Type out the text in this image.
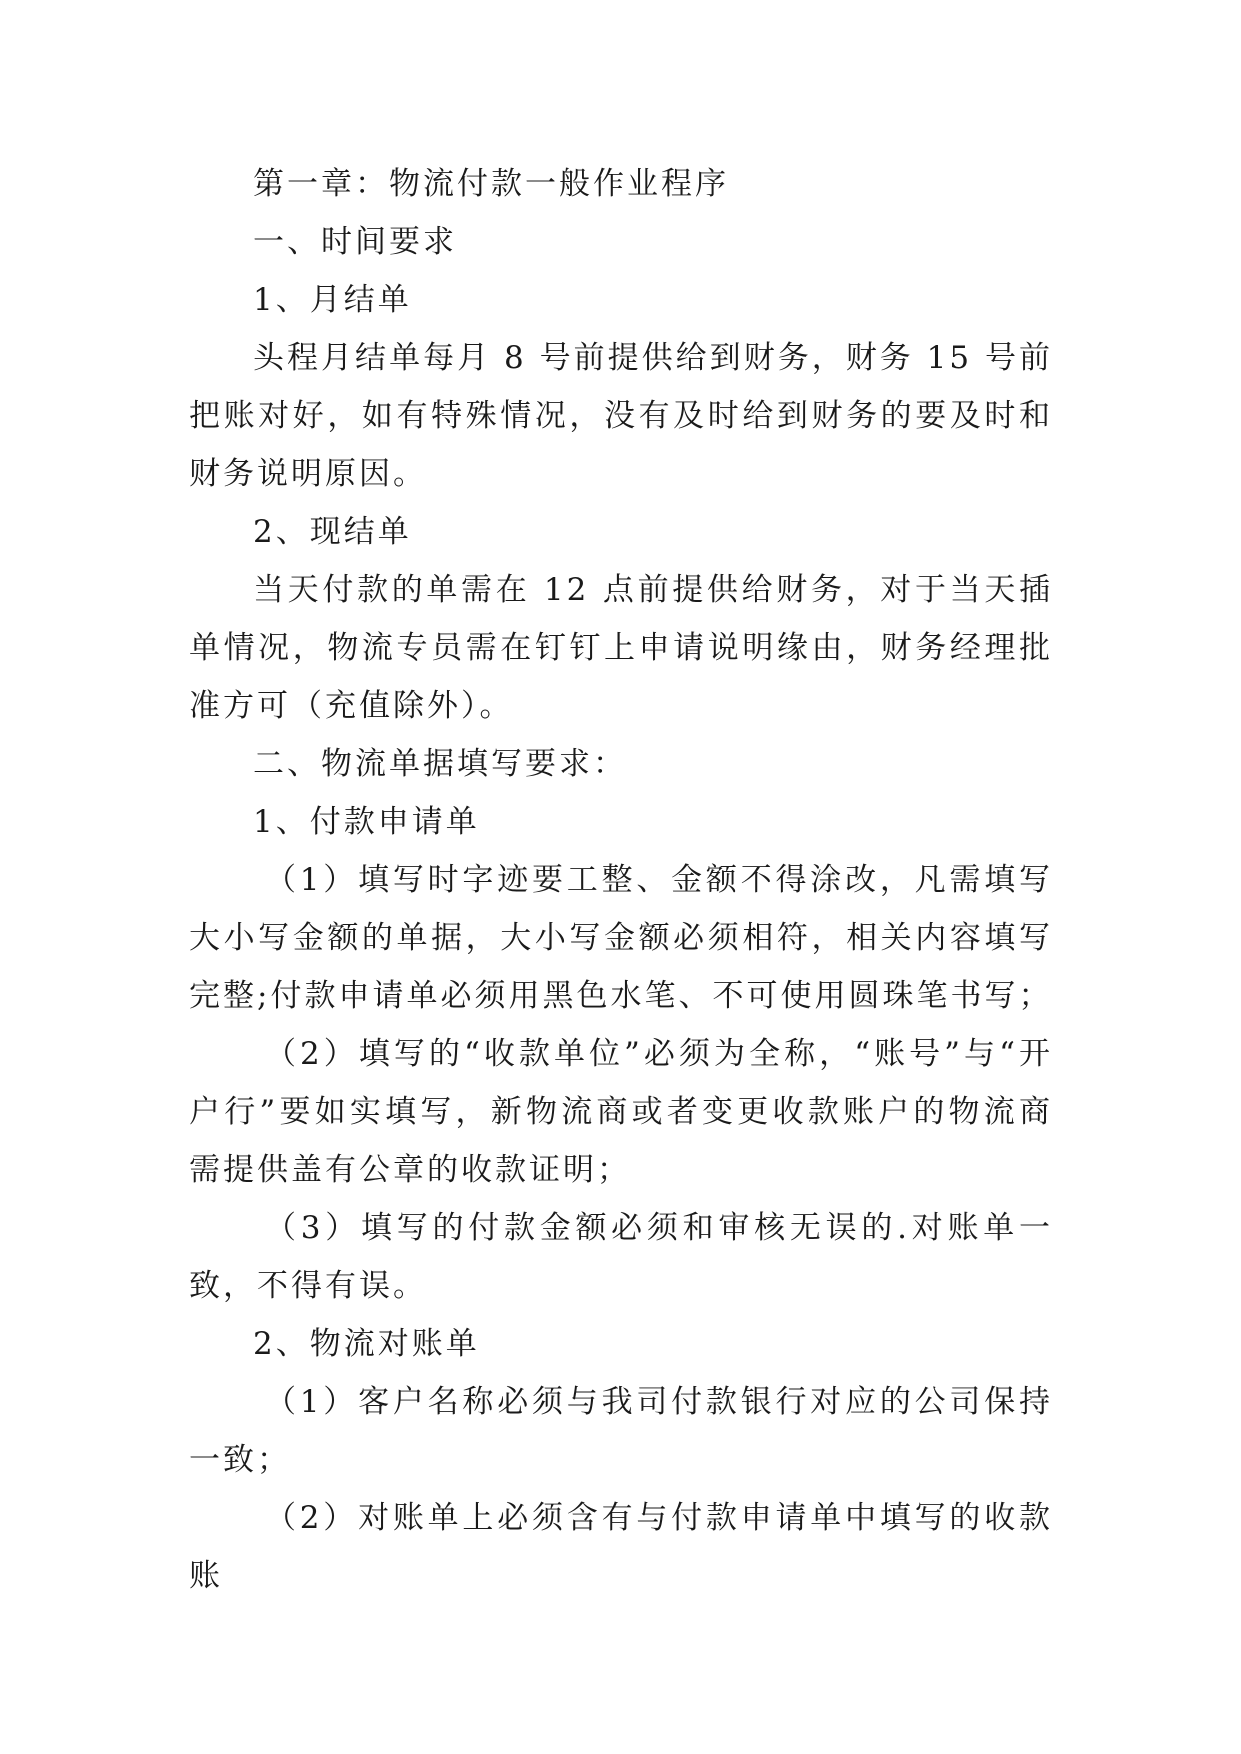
第一章：物流付款一般作业程序

一、时间要求

1、月结单

头程月结单每月 8 号前提供给到财务，财务 15 号前把账对好，如有特殊情况，没有及时给到财务的要及时和财务说明原因。

2、现结单

当天付款的单需在 12 点前提供给财务，对于当天插单情况，物流专员需在钉钉上申请说明缘由，财务经理批准方可（充值除外）。

二、物流单据填写要求：

1、付款申请单

（1）填写时字迹要工整、金额不得涂改，凡需填写大小写金额的单据，大小写金额必须相符，相关内容填写完整;付款申请单必须用黑色水笔、不可使用圆珠笔书写；

（2）填写的“收款单位”必须为全称，“账号”与“开户行”要如实填写，新物流商或者变更收款账户的物流商需提供盖有公章的收款证明；

（3）填写的付款金额必须和审核无误的.对账单一致，不得有误。

2、物流对账单

（1）客户名称必须与我司付款银行对应的公司保持一致；

（2）对账单上必须含有与付款申请单中填写的收款账
